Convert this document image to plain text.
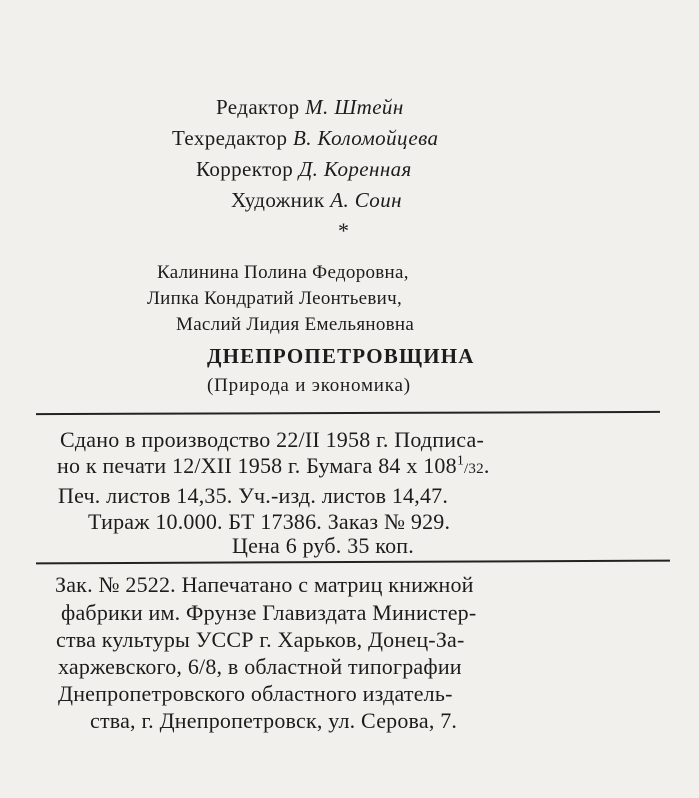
Редактор М. Штейн
Техредактор В. Коломойцева
Корректор Д. Коренная
Художник А. Соин
*
Калинина Полина Федоровна,
Липка Кондратий Леонтьевич,
Маслий Лидия Емельяновна
ДНЕПРОПЕТРОВЩИНА
(Природа и экономика)
Сдано в производство 22/II 1958 г. Подписа-
но к печати 12/XII 1958 г. Бумага 84 х $108^1/32$.
Печ. листов 14,35. Уч.-изд. листов 14,47.
Тираж 10.000. БТ 17386. Заказ № 929.
Цена 6 руб. 35 коп.
Зак. № 2522. Напечатано с матриц книжной
фабрики им. Фрунзе Главиздата Министер-
ства культуры УССР г. Харьков, Донец-За-
харжевского, 6/8, в областной типографии
Днепропетровского областного издатель-
ства, г. Днепропетровск, ул. Серова, 7.
